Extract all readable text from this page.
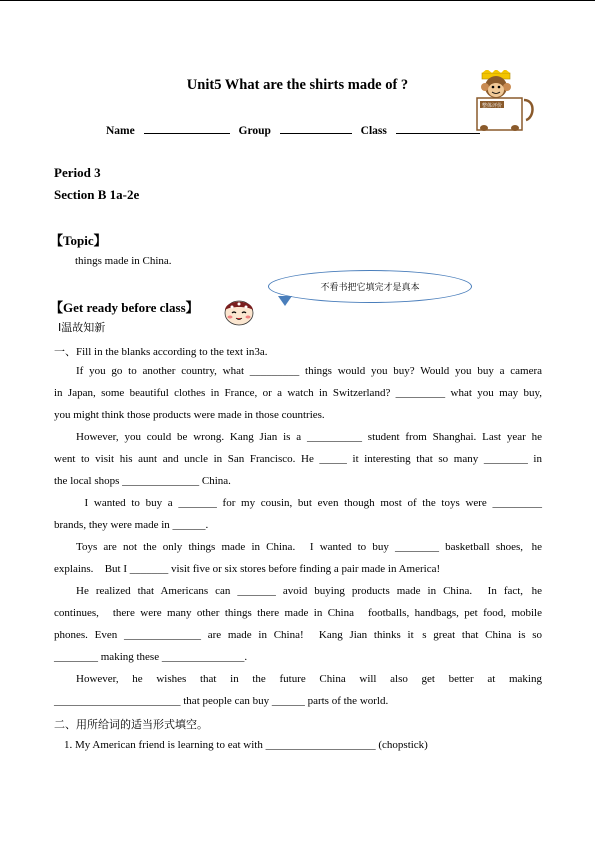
Unit5 What are the shirts made of ?
Name	Group	Class
整体评价
Period 3
Section B 1a-2e
【Topic】
things made in China.
不看书把它填完才是真本
【Get ready before class】
Ⅰ温故知新
一、Fill in the blanks according to the text in3a.
If you go to another country, what _________ things would you buy? Would you buy a camera
in Japan, some beautiful clothes in France, or a watch in Switzerland? _________ what you may buy,
you might think those products were made in those countries.
However, you could be wrong. Kang Jian is a __________ student from Shanghai. Last year he
went to visit his aunt and uncle in San Francisco. He _____ it interesting that so many ________ in
the local shops ______________ China.
 I wanted to buy a _______ for my cousin, but even though most of the toys were _________
brands, they were made in ______.  
Toys are not the only things made in China.  I wanted to buy ________ basketball shoes, he
explains.  But I _______ visit five or six stores before finding a pair made in America! 
He realized that Americans can _______ avoid buying products made in China.  In fact, he
continues,  there were many other things there made in China  footballs, handbags, pet food, mobile
phones. Even ______________ are made in China!  Kang Jian thinks it s great that China is so
________ making these _______________.
However, he wishes that in the future China will also get better at making
_______________________ that people can buy ______ parts of the world.
二、用所给词的适当形式填空。
1. My American friend is learning to eat with ____________________ (chopstick)
